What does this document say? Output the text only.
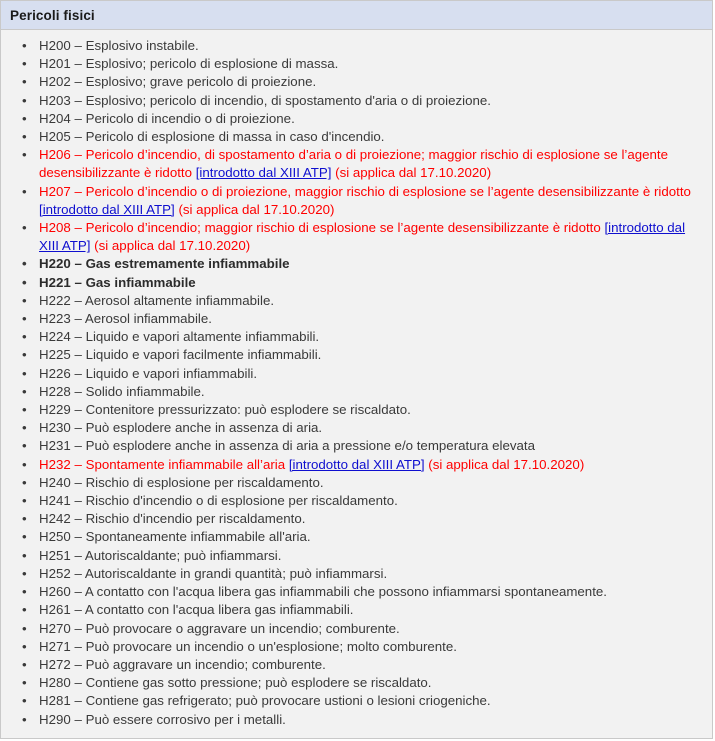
Pericoli fisici
• H200 – Esplosivo instabile.
• H201 – Esplosivo; pericolo di esplosione di massa.
• H202 – Esplosivo; grave pericolo di proiezione.
• H203 – Esplosivo; pericolo di incendio, di spostamento d'aria o di proiezione.
• H204 – Pericolo di incendio o di proiezione.
• H205 – Pericolo di esplosione di massa in caso d'incendio.
• H206 – Pericolo d’incendio, di spostamento d’aria o di proiezione; maggior rischio di esplosione se l’agente desensibilizzante è ridotto [introdotto dal XIII ATP] (si applica dal 17.10.2020)
• H207 – Pericolo d’incendio o di proiezione, maggior rischio di esplosione se l’agente desensibilizzante è ridotto [introdotto dal XIII ATP] (si applica dal 17.10.2020)
• H208 – Pericolo d’incendio; maggior rischio di esplosione se l’agente desensibilizzante è ridotto [introdotto dal XIII ATP] (si applica dal 17.10.2020)
• H220 – Gas estremamente infiammabile
• H221 – Gas infiammabile
• H222 – Aerosol altamente infiammabile.
• H223 – Aerosol infiammabile.
• H224 – Liquido e vapori altamente infiammabili.
• H225 – Liquido e vapori facilmente infiammabili.
• H226 – Liquido e vapori infiammabili.
• H228 – Solido infiammabile.
• H229 – Contenitore pressurizzato: può esplodere se riscaldato.
• H230 – Può esplodere anche in assenza di aria.
• H231 – Può esplodere anche in assenza di aria a pressione e/o temperatura elevata
• H232 – Spontamente infiammabile all’aria [introdotto dal XIII ATP] (si applica dal 17.10.2020)
• H240 – Rischio di esplosione per riscaldamento.
• H241 – Rischio d'incendio o di esplosione per riscaldamento.
• H242 – Rischio d'incendio per riscaldamento.
• H250 – Spontaneamente infiammabile all'aria.
• H251 – Autoriscaldante; può infiammarsi.
• H252 – Autoriscaldante in grandi quantità; può infiammarsi.
• H260 – A contatto con l'acqua libera gas infiammabili che possono infiammarsi spontaneamente.
• H261 – A contatto con l'acqua libera gas infiammabili.
• H270 – Può provocare o aggravare un incendio; comburente.
• H271 – Può provocare un incendio o un'esplosione; molto comburente.
• H272 – Può aggravare un incendio; comburente.
• H280 – Contiene gas sotto pressione; può esplodere se riscaldato.
• H281 – Contiene gas refrigerato; può provocare ustioni o lesioni criogeniche.
• H290 – Può essere corrosivo per i metalli.
